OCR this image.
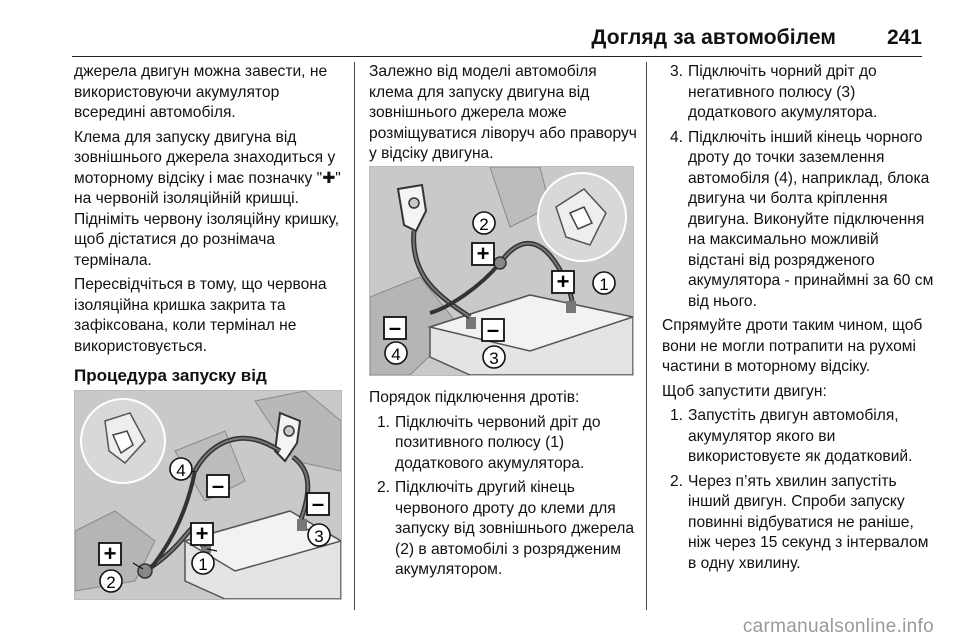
Догляд за автомобілем 241

джерела двигун можна завести, не використовуючи акумулятор всередині автомобіля.

Клема для запуску двигуна від зовнішнього джерела знаходиться у моторному відсіку і має позначку "✚" на червоній ізоляційній кришці. Підніміть червону ізоляційну кришку, щоб дістатися до рознімача термінала.

Пересвідчіться в тому, що червона ізоляційна кришка закрита та зафіксована, коли термінал не використовується.

Процедура запуску від
+
+
–
–
4
2
1
3

Залежно від моделі автомобіля клема для запуску двигуна від зовнішнього джерела може розміщуватися ліворуч або праворуч у відсіку двигуна.

+
+
–	–
2
1
4	3

Порядок підключення дротів:

1. Підключіть червоний дріт до позитивного полюсу (1) додаткового акумулятора.
2. Підключіть другий кінець червоного дроту до клеми для запуску від зовнішнього джерела (2) в автомобілі з розрядженим акумулятором.
3. Підключіть чорний дріт до негативного полюсу (3) додаткового акумулятора.
4. Підключіть інший кінець чорного дроту до точки заземлення автомобіля (4), наприклад, блока двигуна чи болта кріплення двигуна. Виконуйте підключення на максимально можливій відстані від розрядженого акумулятора - принаймні за 60 см від нього.

Спрямуйте дроти таким чином, щоб вони не могли потрапити на рухомі частини в моторному відсіку.

Щоб запустити двигун:

1. Запустіть двигун автомобіля, акумулятор якого ви використовуєте як додатковий.
2. Через п’ять хвилин запустіть інший двигун. Спроби запуску повинні відбуватися не раніше, ніж через 15 секунд з інтервалом в одну хвилину.
carmanualsonline.info
